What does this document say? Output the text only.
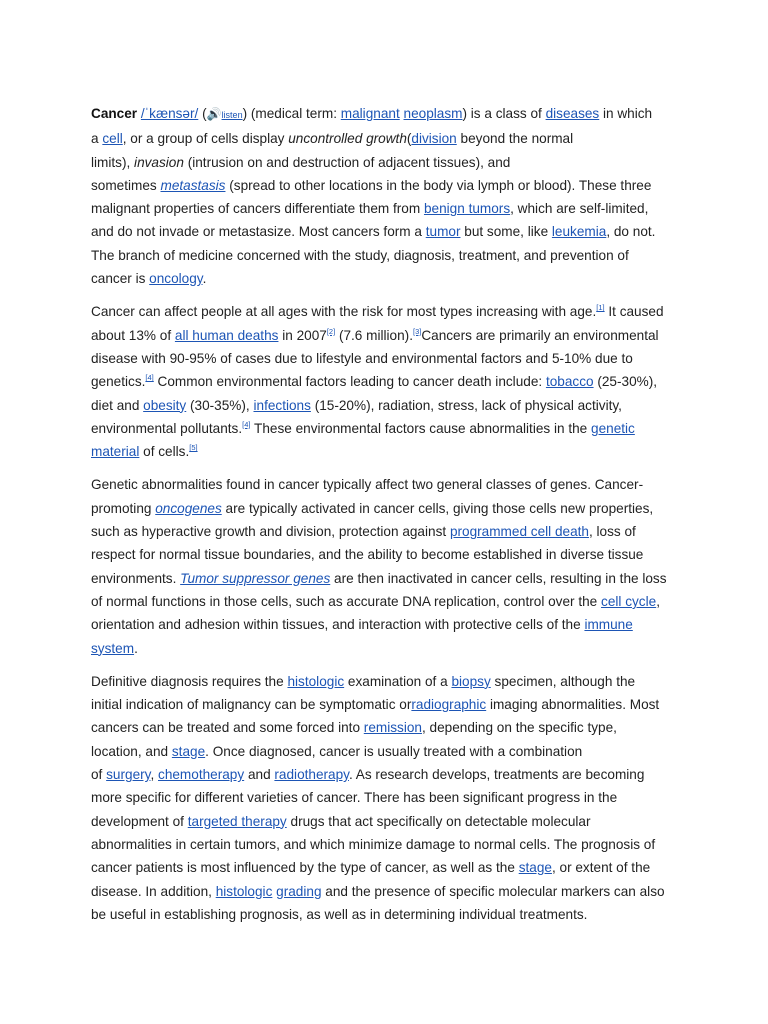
Cancer /ˈkænsər/ (🔊listen) (medical term: malignant neoplasm) is a class of diseases in which
a cell, or a group of cells display uncontrolled growth(division beyond the normal
limits), invasion (intrusion on and destruction of adjacent tissues), and
sometimes metastasis (spread to other locations in the body via lymph or blood). These three
malignant properties of cancers differentiate them from benign tumors, which are self-limited,
and do not invade or metastasize. Most cancers form a tumor but some, like leukemia, do not.
The branch of medicine concerned with the study, diagnosis, treatment, and prevention of
cancer is oncology.

Cancer can affect people at all ages with the risk for most types increasing with age.[1] It caused
about 13% of all human deaths in 2007[2] (7.6 million).[3]Cancers are primarily an environmental
disease with 90-95% of cases due to lifestyle and environmental factors and 5-10% due to
genetics.[4] Common environmental factors leading to cancer death include: tobacco (25-30%),
diet and obesity (30-35%), infections (15-20%), radiation, stress, lack of physical activity,
environmental pollutants.[4] These environmental factors cause abnormalities in the genetic
material of cells.[5]

Genetic abnormalities found in cancer typically affect two general classes of genes. Cancer-
promoting oncogenes are typically activated in cancer cells, giving those cells new properties,
such as hyperactive growth and division, protection against programmed cell death, loss of
respect for normal tissue boundaries, and the ability to become established in diverse tissue
environments. Tumor suppressor genes are then inactivated in cancer cells, resulting in the loss
of normal functions in those cells, such as accurate DNA replication, control over the cell cycle,
orientation and adhesion within tissues, and interaction with protective cells of the immune
system.

Definitive diagnosis requires the histologic examination of a biopsy specimen, although the
initial indication of malignancy can be symptomatic orradiographic imaging abnormalities. Most
cancers can be treated and some forced into remission, depending on the specific type,
location, and stage. Once diagnosed, cancer is usually treated with a combination
of surgery, chemotherapy and radiotherapy. As research develops, treatments are becoming
more specific for different varieties of cancer. There has been significant progress in the
development of targeted therapy drugs that act specifically on detectable molecular
abnormalities in certain tumors, and which minimize damage to normal cells. The prognosis of
cancer patients is most influenced by the type of cancer, as well as the stage, or extent of the
disease. In addition, histologic grading and the presence of specific molecular markers can also
be useful in establishing prognosis, as well as in determining individual treatments.
